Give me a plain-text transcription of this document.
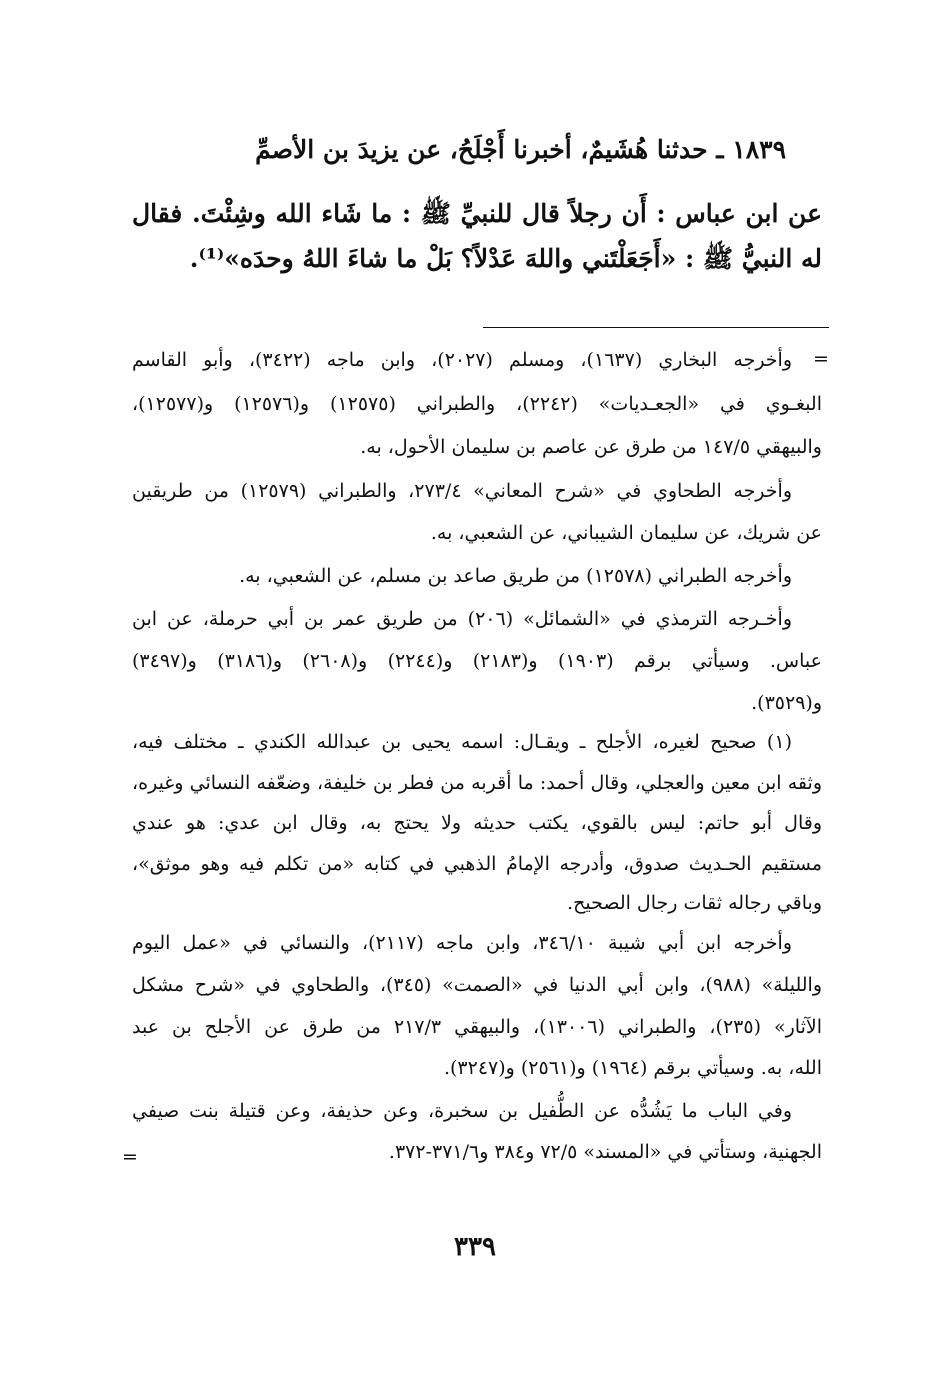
١٨٣٩ ـ حدثنا هُشَيمٌ، أخبرنا أَجْلَحُ، عن يزيدَ بن الأصمِّ
عن ابن عباس : أَن رجلاً قال للنبيِّ ﷺ : ما شَاء الله وشِئْتَ. فقال
له النبيُّ ﷺ : «أَجَعَلْتَني واللهَ عَدْلاً؟ بَلْ ما شاءَ اللهُ وحدَه»⁽¹⁾.
=
وأخرجه البخاري (١٦٣٧)، ومسلم (٢٠٢٧)، وابن ماجه (٣٤٢٢)، وأبو القاسم
البغـوي في «الجعـديات» (٢٢٤٢)، والطبراني (١٢٥٧٥) و(١٢٥٧٦) و(١٢٥٧٧)،
والبيهقي ١٤٧/٥ من طرق عن عاصم بن سليمان الأحول، به.
وأخرجه الطحاوي في «شرح المعاني» ٢٧٣/٤، والطبراني (١٢٥٧٩) من طريقين
عن شريك، عن سليمان الشيباني، عن الشعبي، به.
وأخرجه الطبراني (١٢٥٧٨) من طريق صاعد بن مسلم، عن الشعبي، به.
وأخـرجه الترمذي في «الشمائل» (٢٠٦) من طريق عمر بن أبي حرملة، عن ابن
عباس. وسيأتي برقم (١٩٠٣) و(٢١٨٣) و(٢٢٤٤) و(٢٦٠٨) و(٣١٨٦) و(٣٤٩٧)
و(٣٥٢٩).
(١) صحيح لغيره، الأجلح ـ ويقـال: اسمه يحيى بن عبدالله الكندي ـ مختلف فيه،
وثقه ابن معين والعجلي، وقال أحمد: ما أقربه من فطر بن خليفة، وضعّفه النسائي وغيره،
وقال أبو حاتم: ليس بالقوي، يكتب حديثه ولا يحتج به، وقال ابن عدي: هو عندي
مستقيم الحـديث صدوق، وأدرجه الإمامُ الذهبي في كتابه «من تكلم فيه وهو موثق»،
وباقي رجاله ثقات رجال الصحيح.
وأخرجه ابن أبي شيبة ٣٤٦/١٠، وابن ماجه (٢١١٧)، والنسائي في «عمل اليوم
والليلة» (٩٨٨)، وابن أبي الدنيا في «الصمت» (٣٤٥)، والطحاوي في «شرح مشكل
الآثار» (٢٣٥)، والطبراني (١٣٠٠٦)، والبيهقي ٢١٧/٣ من طرق عن الأجلح بن عبد
الله، به. وسيأتي برقم (١٩٦٤) و(٢٥٦١) و(٣٢٤٧).
وفي الباب ما يَشُدُّه عن الطُّفيل بن سخبرة، وعن حذيفة، وعن قتيلة بنت صيفي
الجهنية، وستأتي في «المسند» ٧٢/٥ و٣٨٤ و٣٧١/٦-٣٧٢.
=
٣٣٩
